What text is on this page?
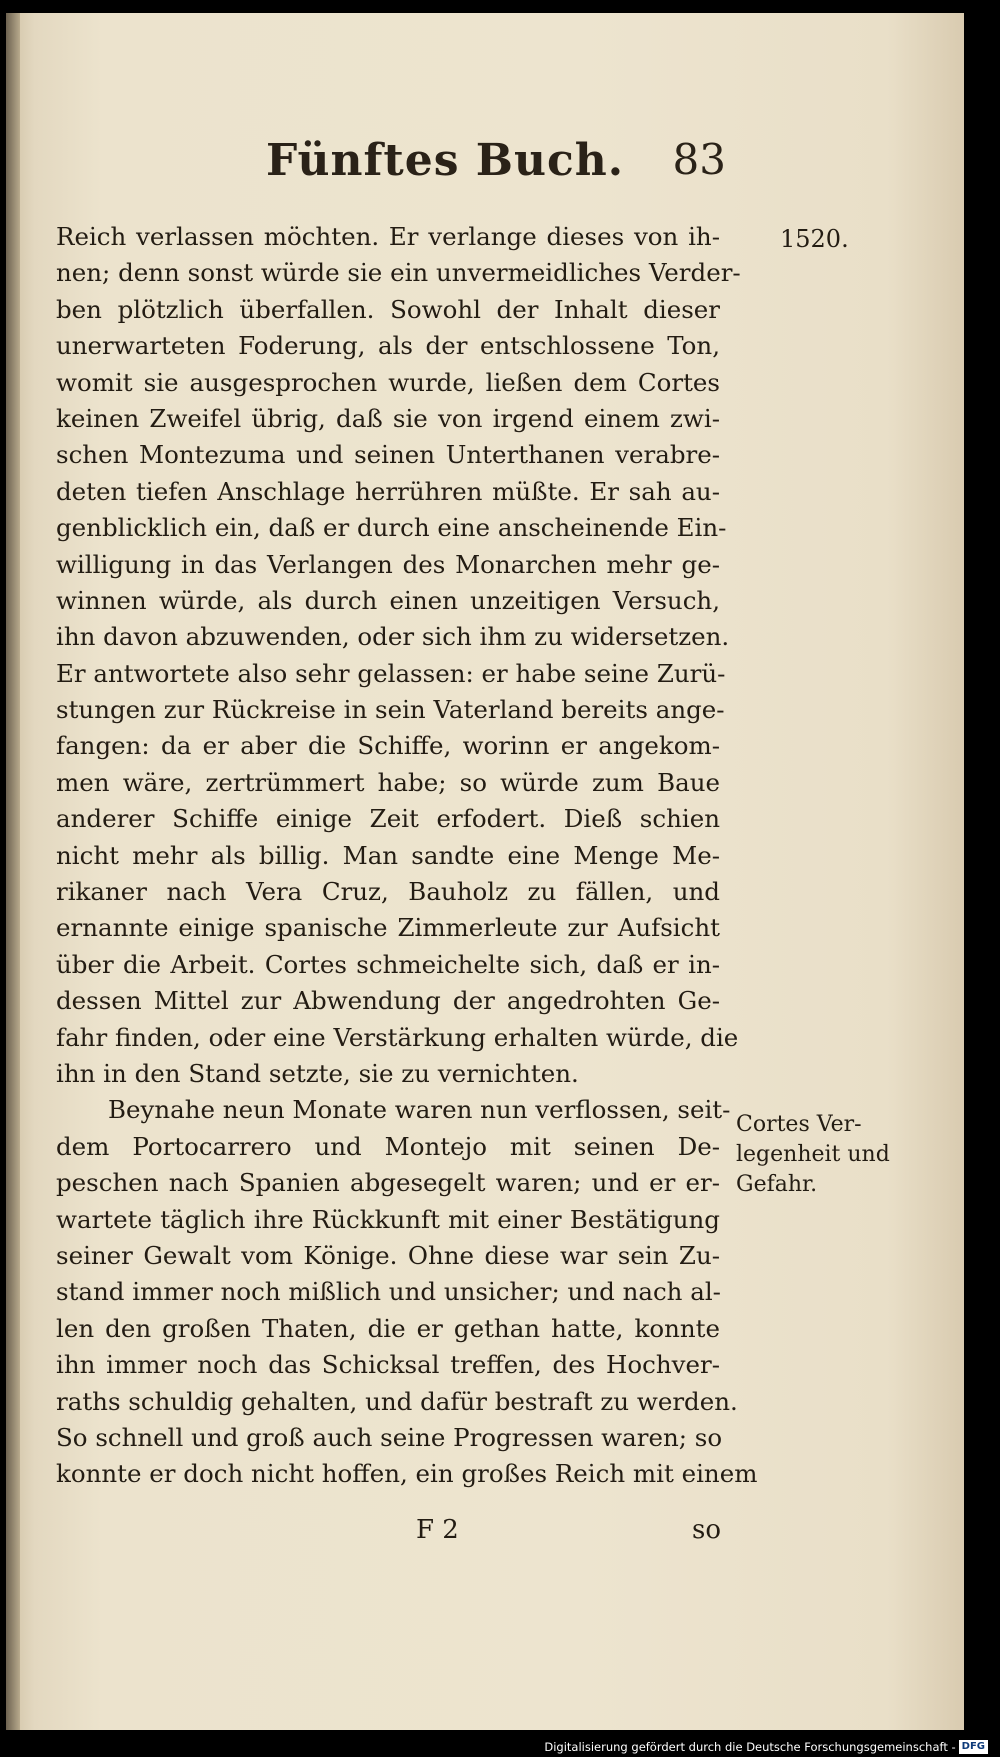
Fünftes Buch. 83
Reich verlassen möchten. Er verlange dieses von ih-
nen; denn sonst würde sie ein unvermeidliches Verder-
ben plötzlich überfallen. Sowohl der Inhalt dieser
unerwarteten Foderung, als der entschlossene Ton,
womit sie ausgesprochen wurde, ließen dem Cortes
keinen Zweifel übrig, daß sie von irgend einem zwi-
schen Montezuma und seinen Unterthanen verabre-
deten tiefen Anschlage herrühren müßte. Er sah au-
genblicklich ein, daß er durch eine anscheinende Ein-
willigung in das Verlangen des Monarchen mehr ge-
winnen würde, als durch einen unzeitigen Versuch,
ihn davon abzuwenden, oder sich ihm zu widersetzen.
Er antwortete also sehr gelassen: er habe seine Zurü-
stungen zur Rückreise in sein Vaterland bereits ange-
fangen: da er aber die Schiffe, worinn er angekom-
men wäre, zertrümmert habe; so würde zum Baue
anderer Schiffe einige Zeit erfodert. Dieß schien
nicht mehr als billig. Man sandte eine Menge Me-
rikaner nach Vera Cruz, Bauholz zu fällen, und
ernannte einige spanische Zimmerleute zur Aufsicht
über die Arbeit. Cortes schmeichelte sich, daß er in-
dessen Mittel zur Abwendung der angedrohten Ge-
fahr finden, oder eine Verstärkung erhalten würde, die
ihn in den Stand setzte, sie zu vernichten.
Beynahe neun Monate waren nun verflossen, seit-
dem Portocarrero und Montejo mit seinen De-
peschen nach Spanien abgesegelt waren; und er er-
wartete täglich ihre Rückkunft mit einer Bestätigung
seiner Gewalt vom Könige. Ohne diese war sein Zu-
stand immer noch mißlich und unsicher; und nach al-
len den großen Thaten, die er gethan hatte, konnte
ihn immer noch das Schicksal treffen, des Hochver-
raths schuldig gehalten, und dafür bestraft zu werden.
So schnell und groß auch seine Progressen waren; so
konnte er doch nicht hoffen, ein großes Reich mit einem
1520.
Cortes Ver-
legenheit und
Gefahr.
F 2	so
Digitalisierung gefördert durch die Deutsche Forschungsgemeinschaft - DFG
